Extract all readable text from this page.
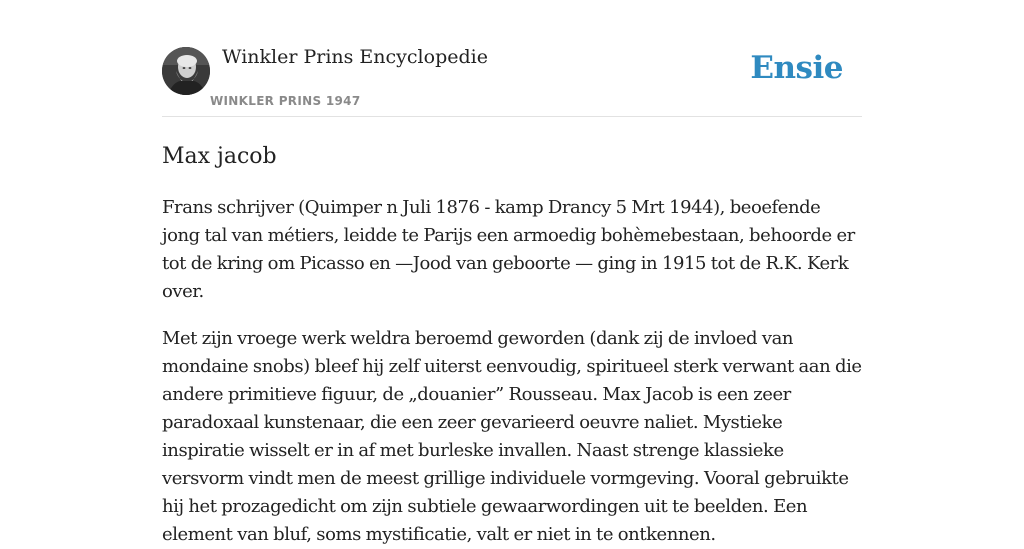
Winkler Prins Encyclopedie
WINKLER PRINS 1947
Ensie
Max jacob

Frans schrijver (Quimper n Juli 1876 - kamp Drancy 5 Mrt 1944), beoefende jong tal van métiers, leidde te Parijs een armoedig bohèmebestaan, behoorde er tot de kring om Picasso en —Jood van geboorte — ging in 1915 tot de R.K. Kerk over.

Met zijn vroege werk weldra beroemd geworden (dank zij de invloed van mondaine snobs) bleef hij zelf uiterst eenvoudig, spiritueel sterk verwant aan die andere primitieve figuur, de „douanier” Rousseau. Max Jacob is een zeer paradoxaal kunstenaar, die een zeer gevarieerd oeuvre naliet. Mystieke inspiratie wisselt er in af met burleske invallen. Naast strenge klassieke versvorm vindt men de meest grillige individuele vormgeving. Vooral gebruikte hij het prozagedicht om zijn subtiele gewaarwordingen uit te beelden. Een element van bluf, soms mystificatie, valt er niet in te ontkennen.
